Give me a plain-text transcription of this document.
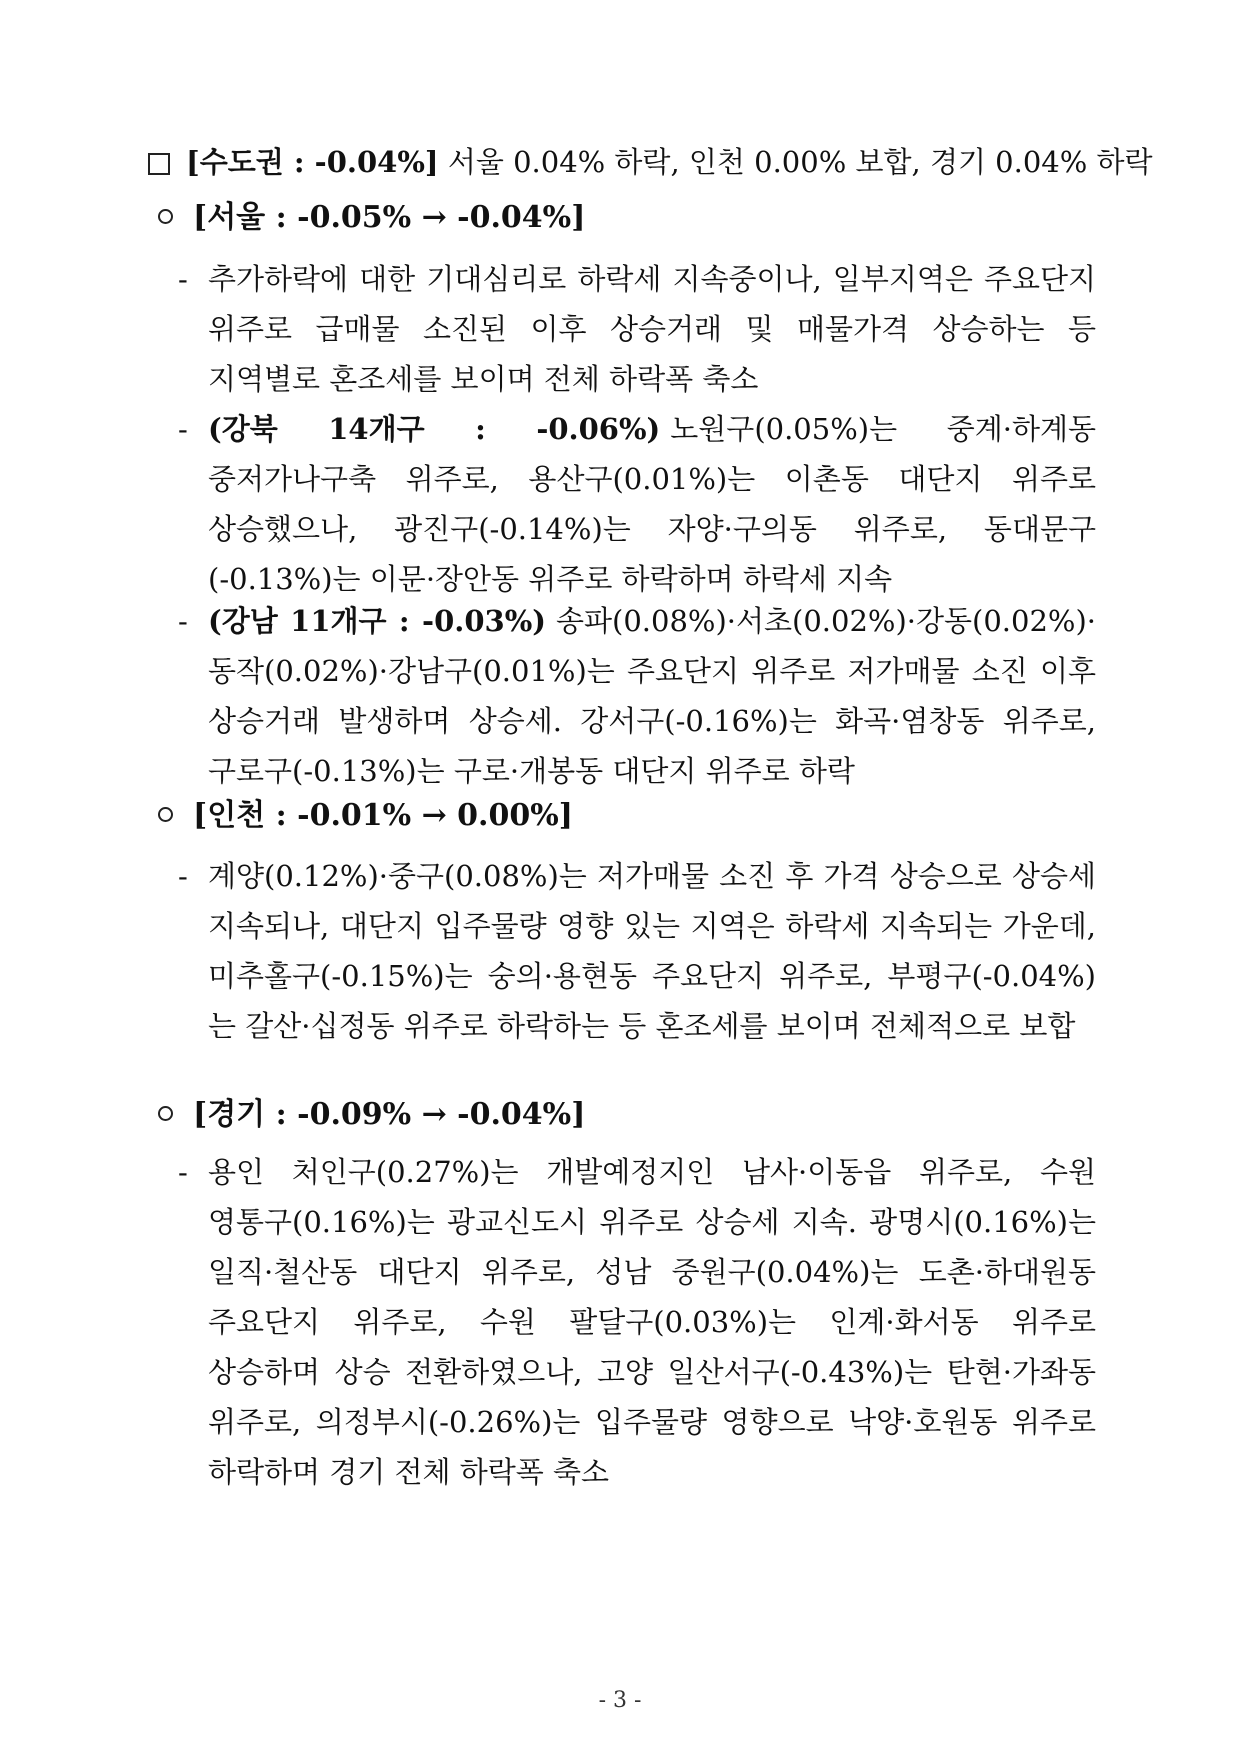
[수도권 : -0.04%] 서울 0.04% 하락, 인천 0.00% 보합, 경기 0.04% 하락
[서울 : -0.05% → -0.04%]
- 추가하락에 대한 기대심리로 하락세 지속중이나, 일부지역은 주요단지 위주로 급매물 소진된 이후 상승거래 및 매물가격 상승하는 등 지역별로 혼조세를 보이며 전체 하락폭 축소
- (강북 14개구 : -0.06%) 노원구(0.05%)는 중계·하계동 중저가나구축 위주로, 용산구(0.01%)는 이촌동 대단지 위주로 상승했으나, 광진구(-0.14%)는 자양·구의동 위주로, 동대문구(-0.13%)는 이문·장안동 위주로 하락하며 하락세 지속
- (강남 11개구 : -0.03%) 송파(0.08%)·서초(0.02%)·강동(0.02%)·동작(0.02%)·강남구(0.01%)는 주요단지 위주로 저가매물 소진 이후 상승거래 발생하며 상승세. 강서구(-0.16%)는 화곡·염창동 위주로, 구로구(-0.13%)는 구로·개봉동 대단지 위주로 하락
[인천 : -0.01% → 0.00%]
- 계양(0.12%)·중구(0.08%)는 저가매물 소진 후 가격 상승으로 상승세 지속되나, 대단지 입주물량 영향 있는 지역은 하락세 지속되는 가운데, 미추홀구(-0.15%)는 숭의·용현동 주요단지 위주로, 부평구(-0.04%)는 갈산·십정동 위주로 하락하는 등 혼조세를 보이며 전체적으로 보합
[경기 : -0.09% → -0.04%]
- 용인 처인구(0.27%)는 개발예정지인 남사·이동읍 위주로, 수원 영통구(0.16%)는 광교신도시 위주로 상승세 지속. 광명시(0.16%)는 일직·철산동 대단지 위주로, 성남 중원구(0.04%)는 도촌·하대원동 주요단지 위주로, 수원 팔달구(0.03%)는 인계·화서동 위주로 상승하며 상승 전환하였으나, 고양 일산서구(-0.43%)는 탄현·가좌동 위주로, 의정부시(-0.26%)는 입주물량 영향으로 낙양·호원동 위주로 하락하며 경기 전체 하락폭 축소
- 3 -
